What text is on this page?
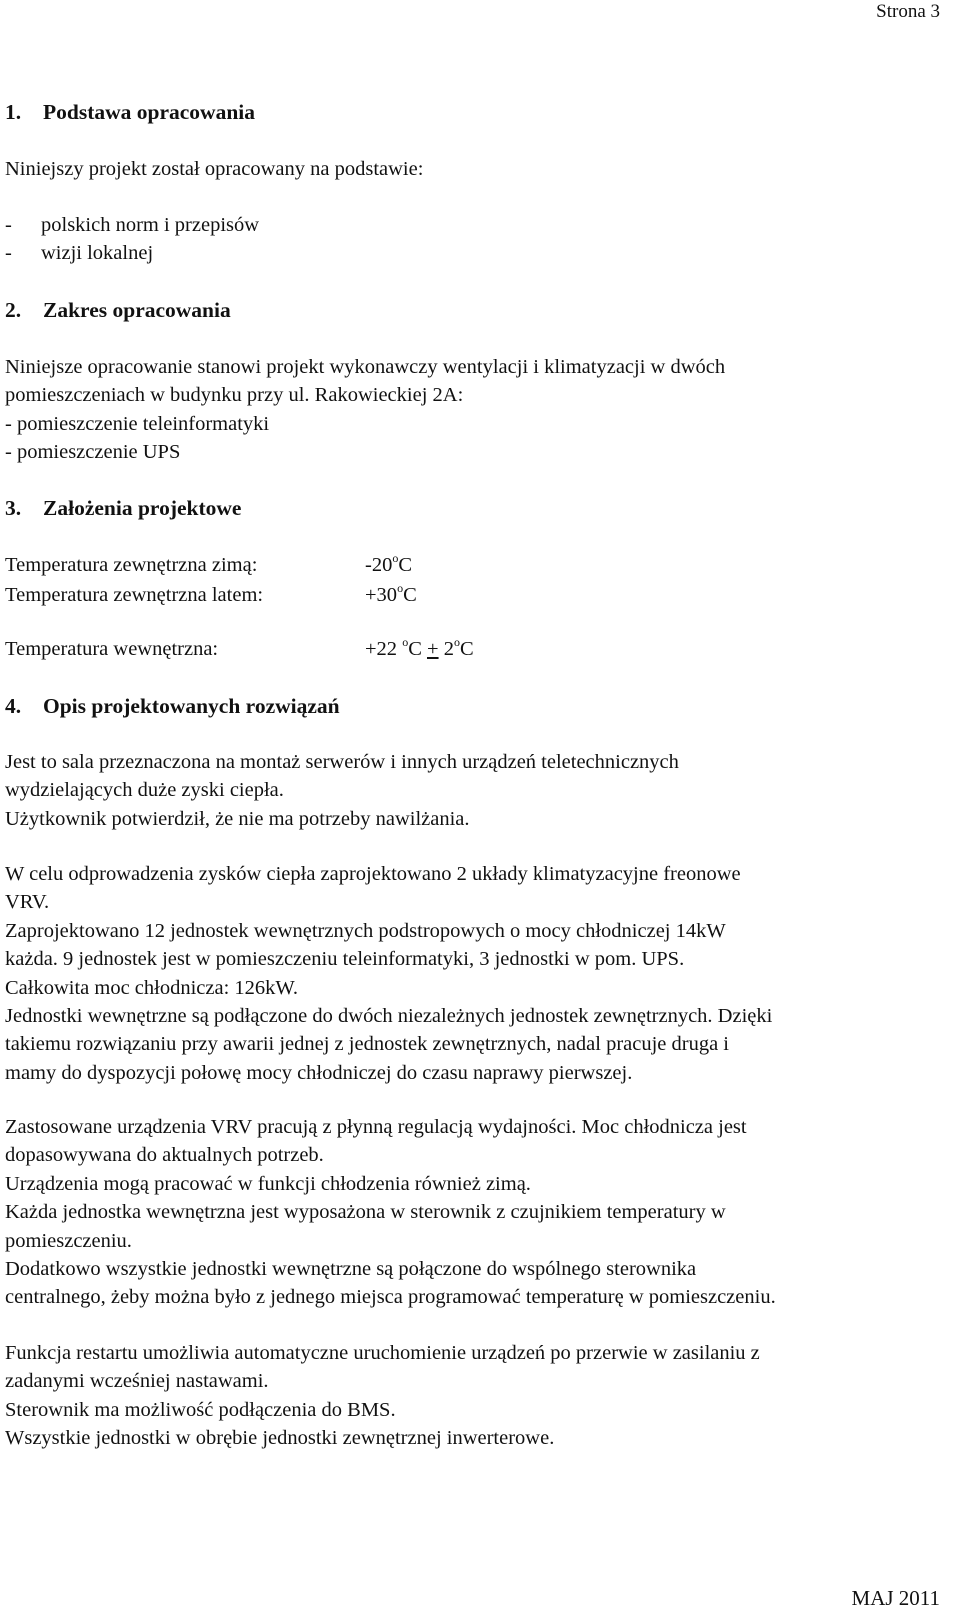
Strona 3
1. Podstawa opracowania

Niniejszy projekt został opracowany na podstawie:

-	polskich norm i przepisów
-	wizji lokalnej
2. Zakres opracowania

Niniejsze opracowanie stanowi projekt wykonawczy wentylacji i klimatyzacji w dwóch

pomieszczeniach w budynku przy ul. Rakowieckiej 2A:

- pomieszczenie teleinformatyki

- pomieszczenie UPS

3. Założenia projektowe
Temperatura zewnętrzna zimą:	-20$^o$C
Temperatura zewnętrzna latem:	$+30^oC$
Temperatura wewnętrzna:	+22 $^oC + 2^oC$
4. Opis projektowanych rozwiązań

Jest to sala przeznaczona na montaż serwerów i innych urządzeń teletechnicznych

wydzielających duże zyski ciepła.

Użytkownik potwierdził, że nie ma potrzeby nawilżania.

W celu odprowadzenia zysków ciepła zaprojektowano 2 układy klimatyzacyjne freonowe

VRV.

Zaprojektowano 12 jednostek wewnętrznych podstropowych o mocy chłodniczej 14kW

każda. 9 jednostek jest w pomieszczeniu teleinformatyki, 3 jednostki w pom. UPS.

Całkowita moc chłodnicza: 126kW.

Jednostki wewnętrzne są podłączone do dwóch niezależnych jednostek zewnętrznych. Dzięki

takiemu rozwiązaniu przy awarii jednej z jednostek zewnętrznych, nadal pracuje druga i

mamy do dyspozycji połowę mocy chłodniczej do czasu naprawy pierwszej.

Zastosowane urządzenia VRV pracują z płynną regulacją wydajności. Moc chłodnicza jest

dopasowywana do aktualnych potrzeb.

Urządzenia mogą pracować w funkcji chłodzenia również zimą.

Każda jednostka wewnętrzna jest wyposażona w sterownik z czujnikiem temperatury w

pomieszczeniu.

Dodatkowo wszystkie jednostki wewnętrzne są połączone do wspólnego sterownika

centralnego, żeby można było z jednego miejsca programować temperaturę w pomieszczeniu.

Funkcja restartu umożliwia automatyczne uruchomienie urządzeń po przerwie w zasilaniu z

zadanymi wcześniej nastawami.

Sterownik ma możliwość podłączenia do BMS.

Wszystkie jednostki w obrębie jednostki zewnętrznej inwerterowe.

MAJ 2011
